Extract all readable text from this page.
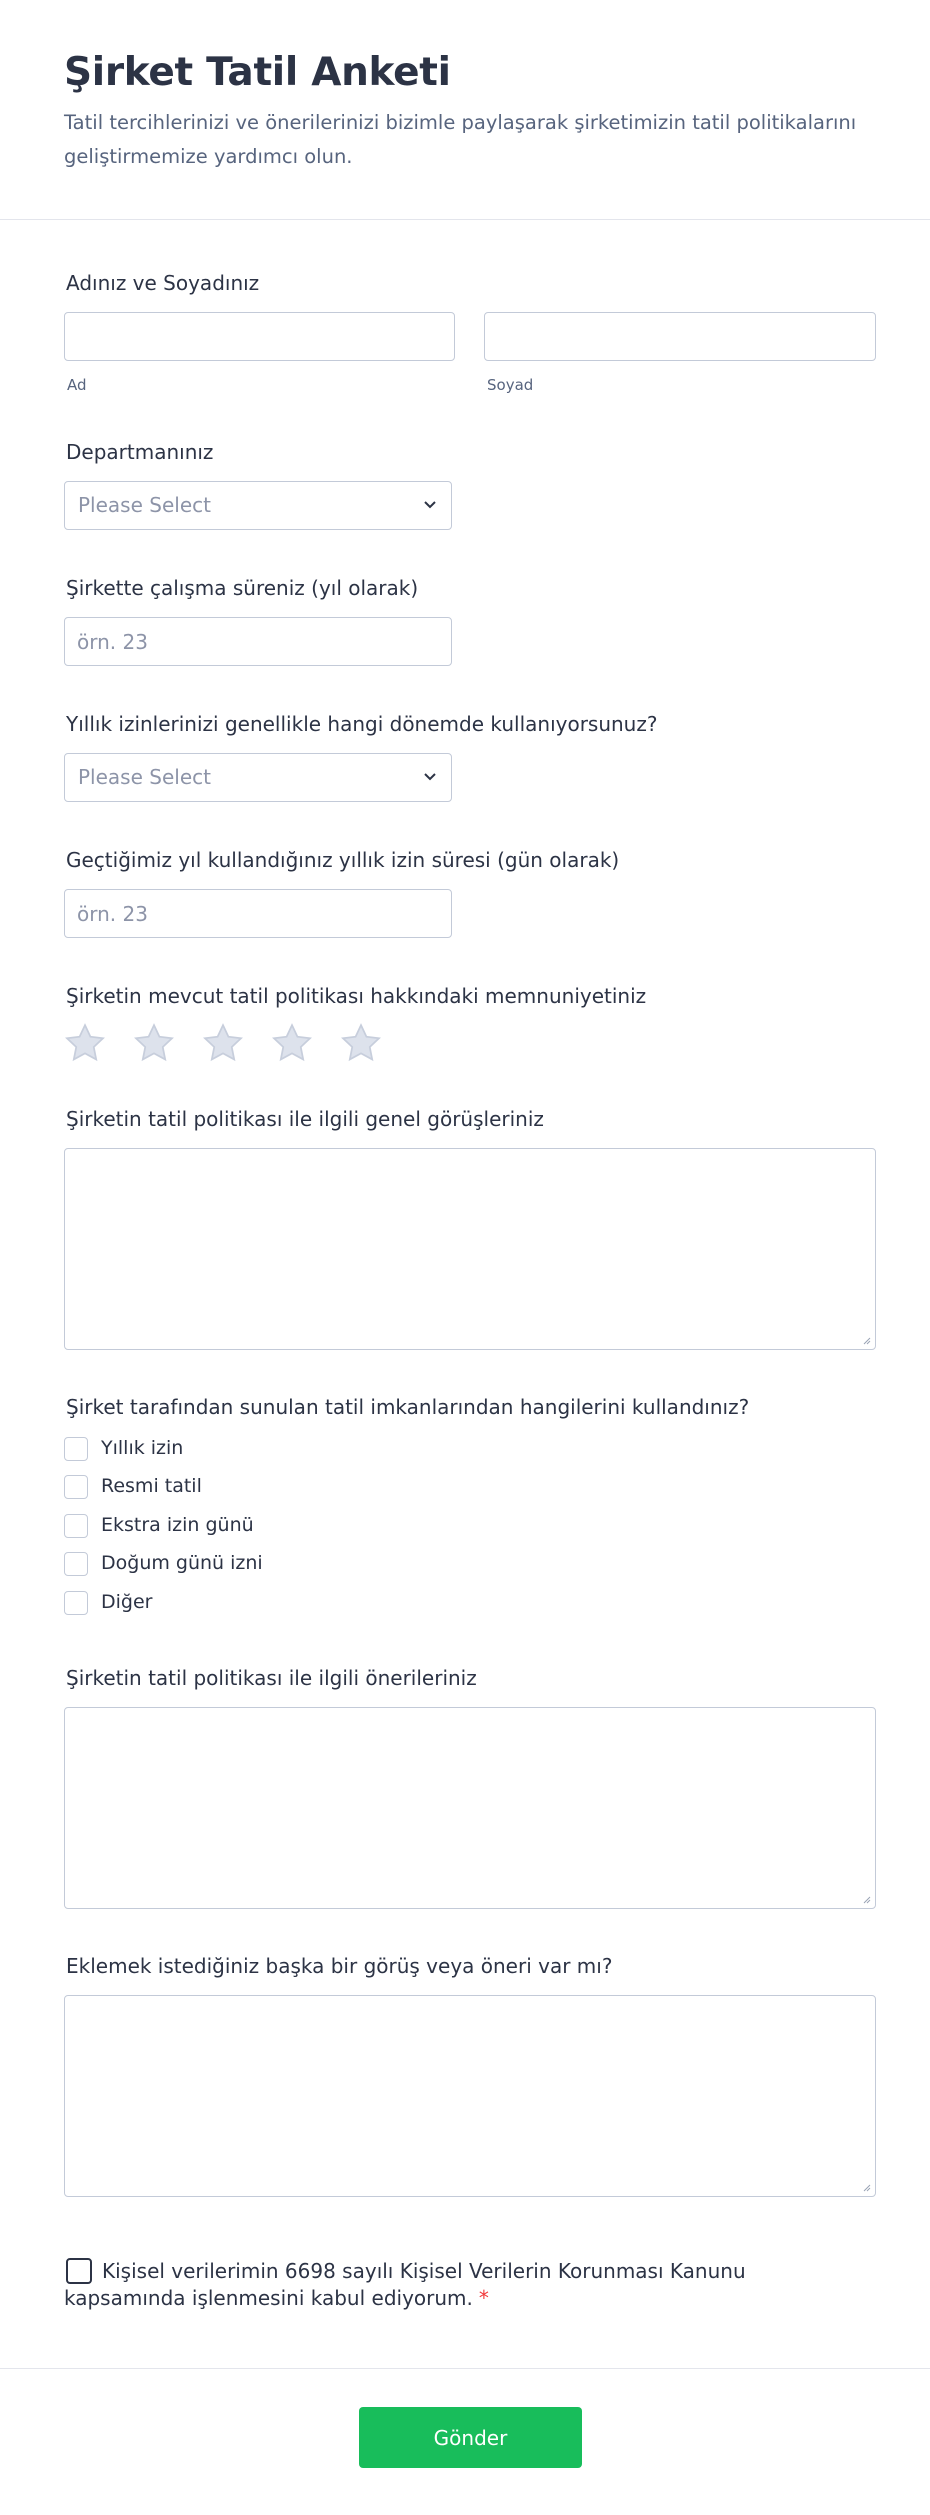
Şirket Tatil Anketi

Tatil tercihlerinizi ve önerilerinizi bizimle paylaşarak şirketimizin tatil politikalarını geliştirmemize yardımcı olun.

Adınız ve Soyadınız
Ad	Soyad
Departmanınız
Please Select
Şirkette çalışma süreniz (yıl olarak)
örn. 23
Yıllık izinlerinizi genellikle hangi dönemde kullanıyorsunuz?
Please Select
Geçtiğimiz yıl kullandığınız yıllık izin süresi (gün olarak)
örn. 23
Şirketin mevcut tatil politikası hakkındaki memnuniyetiniz
Şirketin tatil politikası ile ilgili genel görüşleriniz
Şirket tarafından sunulan tatil imkanlarından hangilerini kullandınız?
Yıllık izin
Resmi tatil
Ekstra izin günü
Doğum günü izni
Diğer
Şirketin tatil politikası ile ilgili önerileriniz
Eklemek istediğiniz başka bir görüş veya öneri var mı?
Kişisel verilerimin 6698 sayılı Kişisel Verilerin Korunması Kanunu kapsamında işlenmesini kabul ediyorum. *
Gönder
